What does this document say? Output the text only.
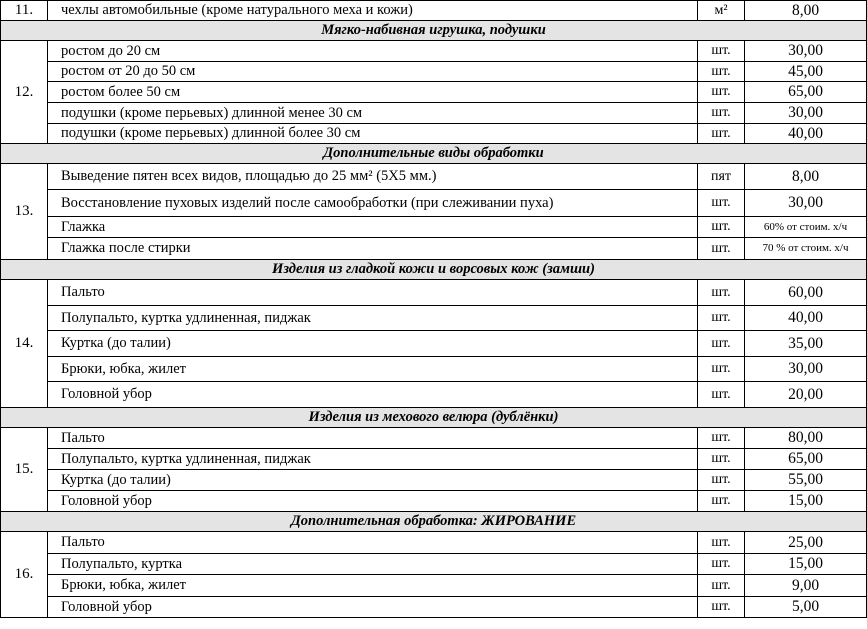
11.	чехлы автомобильные (кроме натурального меха и кожи)	м²	8,00
Мягко-набивная игрушка, подушки			
12.	ростом до 20 см	шт.	30,00
	ростом от 20 до 50 см	шт.	45,00
	ростом более 50 см	шт.	65,00
	подушки (кроме перьевых) длинной менее 30 см	шт.	30,00
	подушки (кроме перьевых) длинной более 30 см	шт.	40,00
Дополнительные виды обработки			
13.	Выведение пятен всех видов, площадью до 25 мм² (5Х5 мм.)	пят	8,00
	Восстановление пуховых изделий после самообработки (при слеживании пуха)	шт.	30,00
	Глажка	шт.	60% от стоим. х/ч
	Глажка после стирки	шт.	70 % от стоим. х/ч
Изделия из гладкой кожи и ворсовых кож (замши)			
14.	Пальто	шт.	60,00
	Полупальто, куртка удлиненная, пиджак	шт.	40,00
	Куртка (до талии)	шт.	35,00
	Брюки, юбка, жилет	шт.	30,00
	Головной убор	шт.	20,00
Изделия из мехового велюра (дублёнки)			
15.	Пальто	шт.	80,00
	Полупальто, куртка удлиненная, пиджак	шт.	65,00
	Куртка (до талии)	шт.	55,00
	Головной убор	шт.	15,00
Дополнительная обработка: ЖИРОВАНИЕ			
16.	Пальто	шт.	25,00
	Полупальто, куртка	шт.	15,00
	Брюки, юбка, жилет	шт.	9,00
	Головной убор	шт.	5,00
